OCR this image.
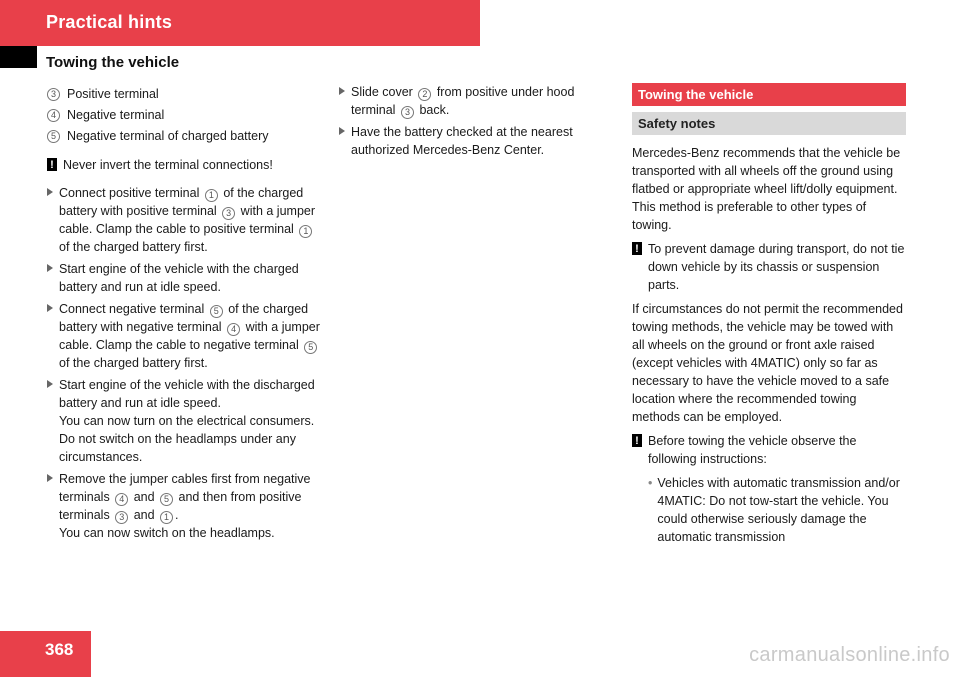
Practical hints
Towing the vehicle
3 Positive terminal
4 Negative terminal
5 Negative terminal of charged battery
! Never invert the terminal connections!
Connect positive terminal 1 of the charged battery with positive terminal 3 with a jumper cable. Clamp the cable to positive terminal 1 of the charged battery first.
Start engine of the vehicle with the charged battery and run at idle speed.
Connect negative terminal 5 of the charged battery with negative terminal 4 with a jumper cable. Clamp the cable to negative terminal 5 of the charged battery first.
Start engine of the vehicle with the discharged battery and run at idle speed.
You can now turn on the electrical consumers. Do not switch on the headlamps under any circumstances.
Remove the jumper cables first from negative terminals 4 and 5 and then from positive terminals 3 and 1 .
You can now switch on the headlamps.
Slide cover 2 from positive under hood terminal 3 back.
Have the battery checked at the nearest authorized Mercedes-Benz Center.
Towing the vehicle
Safety notes
Mercedes-Benz recommends that the vehicle be transported with all wheels off the ground using flatbed or appropriate wheel lift/dolly equipment. This method is preferable to other types of towing.
! To prevent damage during transport, do not tie down vehicle by its chassis or suspension parts.
If circumstances do not permit the recommended towing methods, the vehicle may be towed with all wheels on the ground or front axle raised (except vehicles with 4MATIC) only so far as necessary to have the vehicle moved to a safe location where the recommended towing methods can be employed.
! Before towing the vehicle observe the following instructions:
• Vehicles with automatic transmission and/or 4MATIC: Do not tow-start the vehicle. You could otherwise seriously damage the automatic transmission
368	carmanualsonline.info
